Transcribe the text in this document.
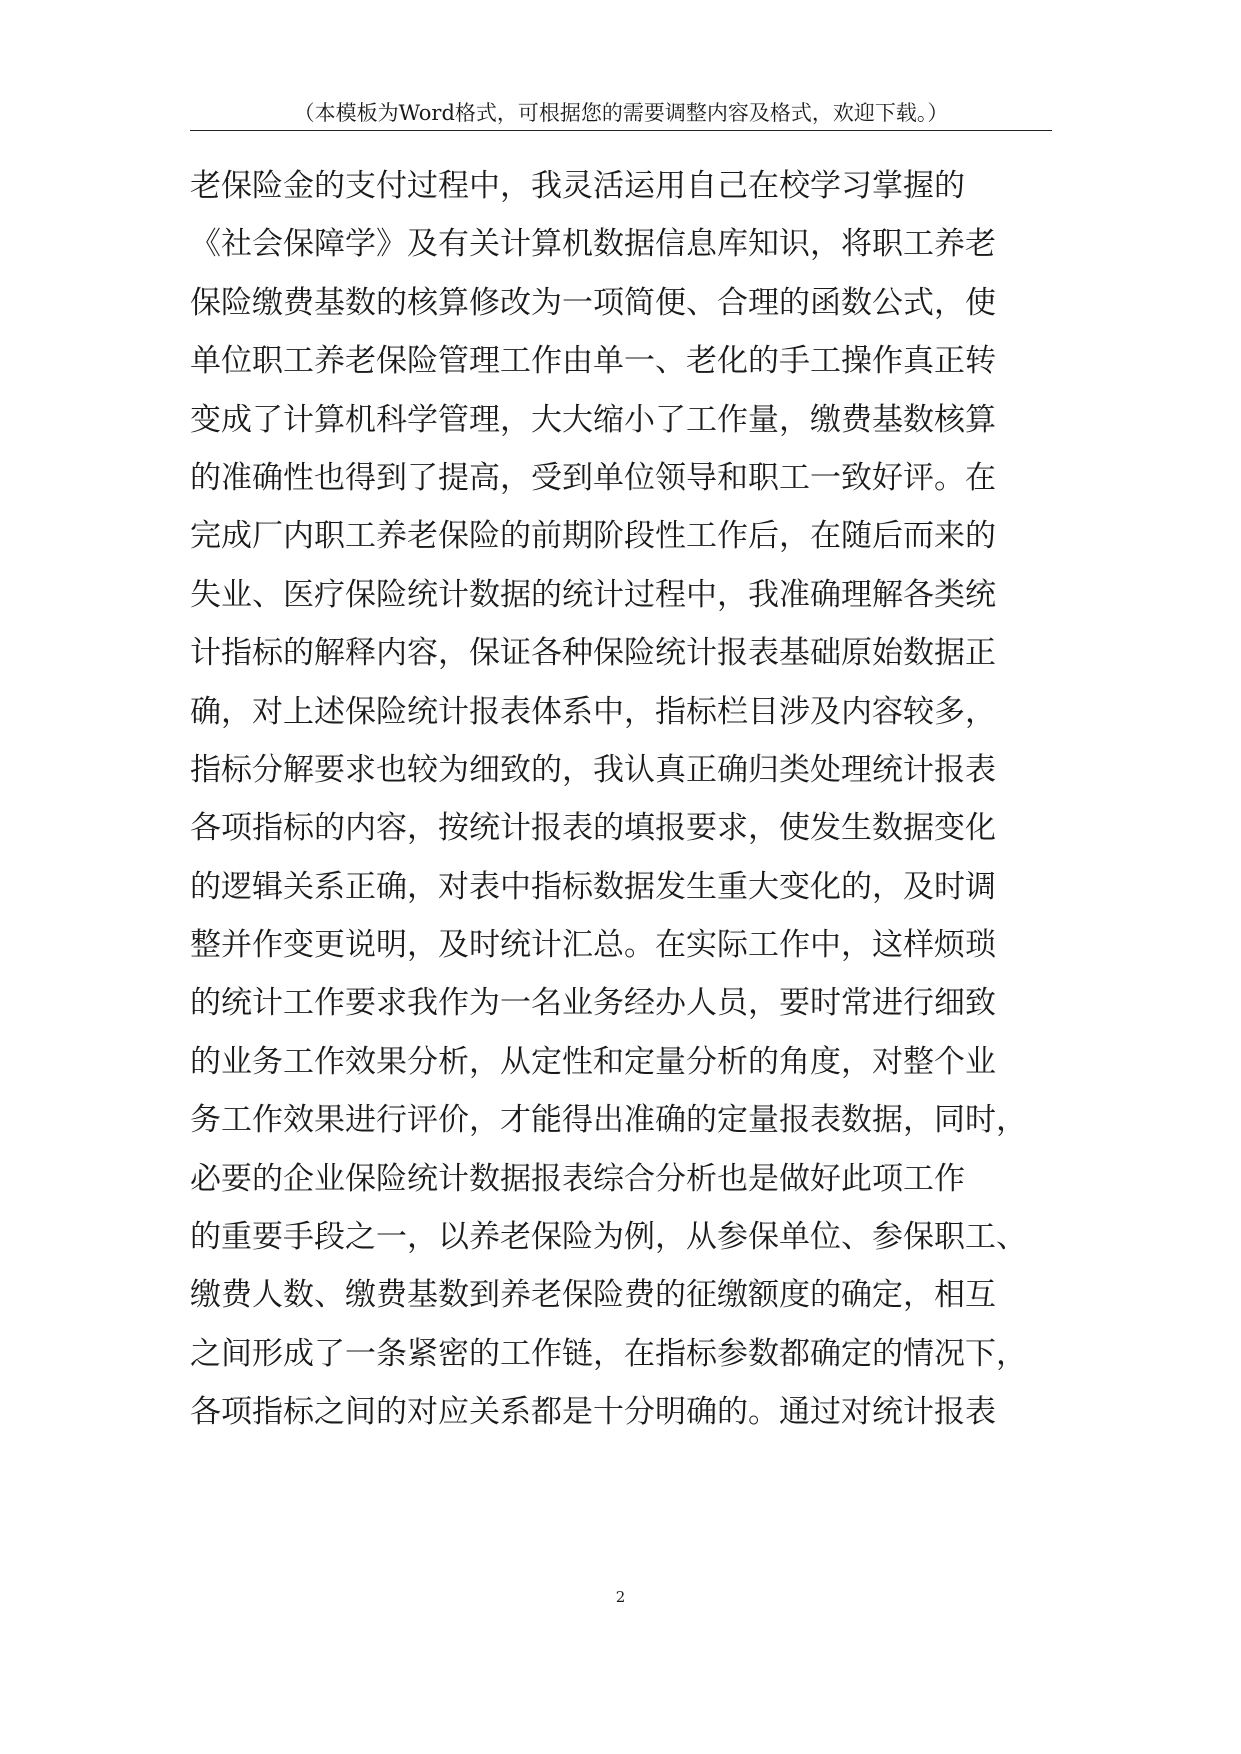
（本模板为Word格式，可根据您的需要调整内容及格式，欢迎下载。）
老保险金的支付过程中，我灵活运用自己在校学习掌握的
《社会保障学》及有关计算机数据信息库知识，将职工养老
保险缴费基数的核算修改为一项简便、合理的函数公式，使
单位职工养老保险管理工作由单一、老化的手工操作真正转
变成了计算机科学管理，大大缩小了工作量，缴费基数核算
的准确性也得到了提高，受到单位领导和职工一致好评。在
完成厂内职工养老保险的前期阶段性工作后，在随后而来的
失业、医疗保险统计数据的统计过程中，我准确理解各类统
计指标的解释内容，保证各种保险统计报表基础原始数据正
确，对上述保险统计报表体系中，指标栏目涉及内容较多，
指标分解要求也较为细致的，我认真正确归类处理统计报表
各项指标的内容，按统计报表的填报要求，使发生数据变化
的逻辑关系正确，对表中指标数据发生重大变化的，及时调
整并作变更说明，及时统计汇总。在实际工作中，这样烦琐
的统计工作要求我作为一名业务经办人员，要时常进行细致
的业务工作效果分析，从定性和定量分析的角度，对整个业
务工作效果进行评价，才能得出准确的定量报表数据，同时，
必要的企业保险统计数据报表综合分析也是做好此项工作
的重要手段之一，以养老保险为例，从参保单位、参保职工、
缴费人数、缴费基数到养老保险费的征缴额度的确定，相互
之间形成了一条紧密的工作链，在指标参数都确定的情况下，
各项指标之间的对应关系都是十分明确的。通过对统计报表
2
